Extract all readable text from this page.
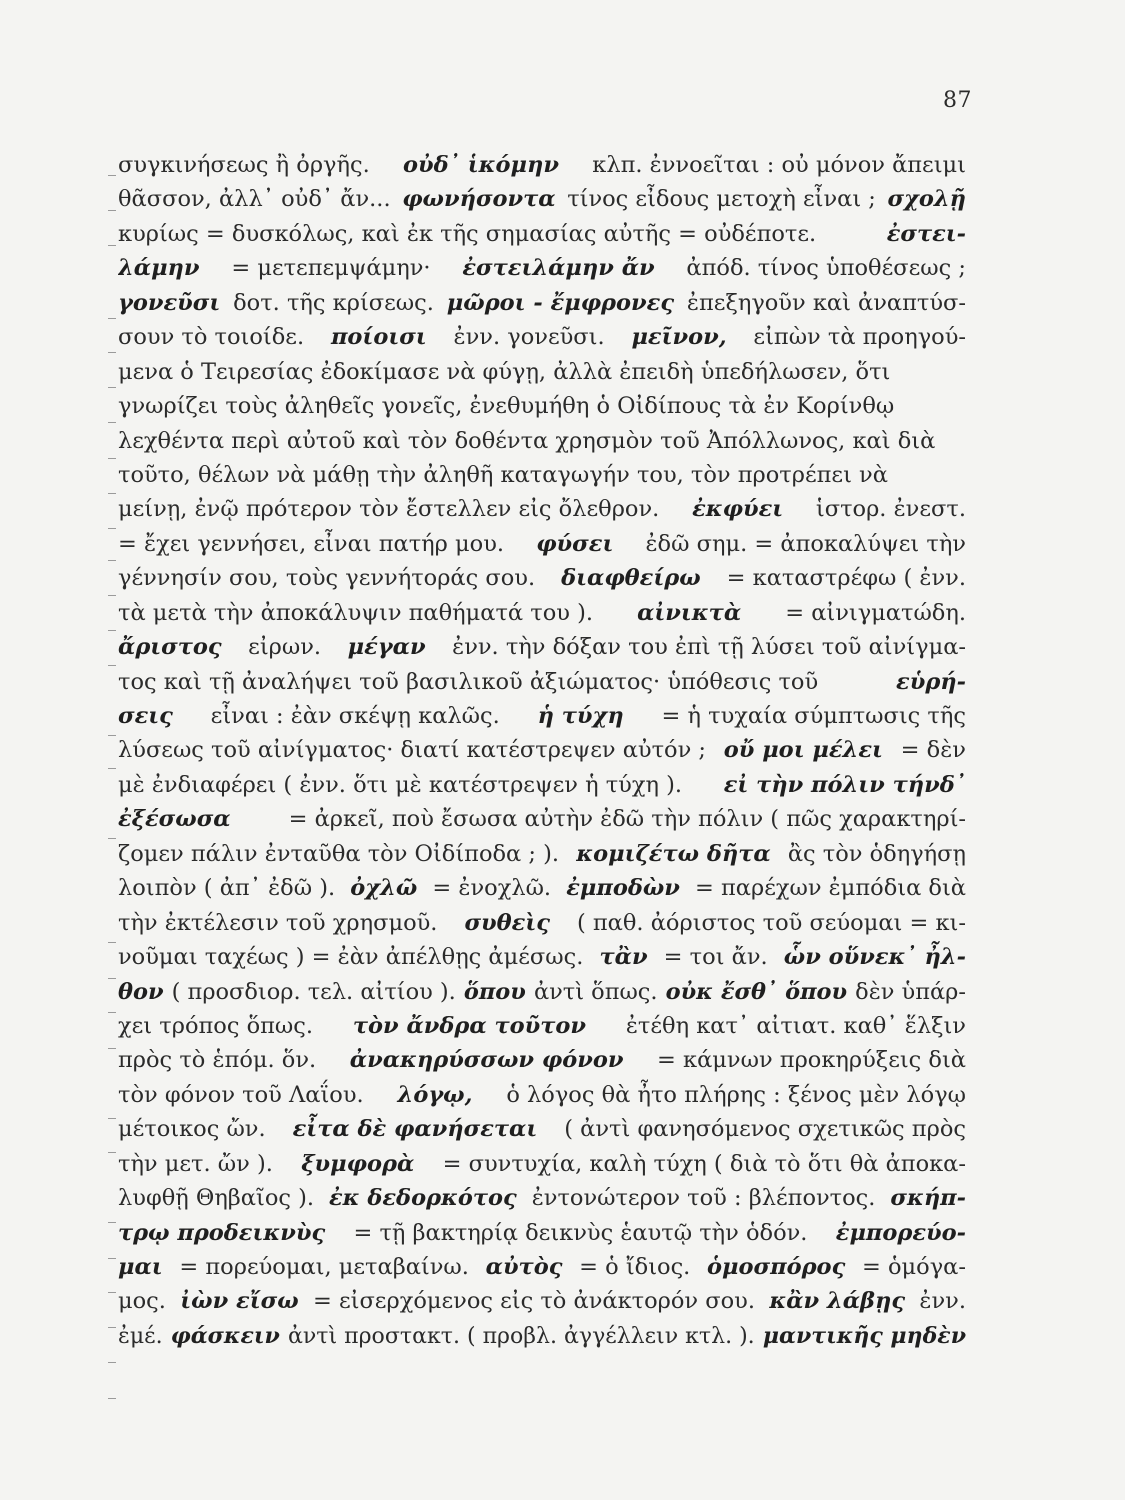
87
συγκινήσεως ἢ ὀργῆς. οὐδ᾽ ἱκόμην κλπ. ἐννοεῖται : οὐ μόνον ἄπειμι
θᾶσσον, ἀλλ᾽ οὐδ᾽ ἄν... φωνήσοντα τίνος εἶδους μετοχὴ εἶναι ; σχολῇ
κυρίως = δυσκόλως, καὶ ἐκ τῆς σημασίας αὐτῆς = οὐδέποτε.	ἐστει-
λάμην = μετεπεμψάμην· ἐστειλάμην ἄν ἀπόδ. τίνος ὑποθέσεως ;
γονεῦσι δοτ. τῆς κρίσεως. μῶροι - ἔμφρονες ἐπεξηγοῦν καὶ ἀναπτύσ-
σουν τὸ τοιοίδε. ποίοισι ἐνν. γονεῦσι. μεῖνον, εἰπὼν τὰ προηγού-
μενα ὁ Τειρεσίας ἐδοκίμασε νὰ φύγῃ, ἀλλὰ ἐπειδὴ ὑπεδήλωσεν, ὅτι
γνωρίζει τοὺς ἀληθεῖς γονεῖς, ἐνεθυμήθη ὁ Οἰδίπους τὰ ἐν Κορίνθῳ
λεχθέντα περὶ αὐτοῦ καὶ τὸν δοθέντα χρησμὸν τοῦ Ἀπόλλωνος, καὶ διὰ
τοῦτο, θέλων νὰ μάθῃ τὴν ἀληθῆ καταγωγήν του, τὸν προτρέπει νὰ
μείνῃ, ἐνῷ πρότερον τὸν ἔστελλεν εἰς ὄλεθρον. ἐκφύει ἱστορ. ἐνεστ.
= ἔχει γεννήσει, εἶναι πατήρ μου. φύσει ἐδῶ σημ. = ἀποκαλύψει τὴν
γέννησίν σου, τοὺς γεννήτοράς σου. διαφθείρω = καταστρέφω ( ἐνν.
τὰ μετὰ τὴν ἀποκάλυψιν παθήματά του ). αἰνικτὰ = αἰνιγματώδη.
ἄριστος εἰρων. μέγαν ἐνν. τὴν δόξαν του ἐπὶ τῇ λύσει τοῦ αἰνίγμα-
τος καὶ τῇ ἀναλήψει τοῦ βασιλικοῦ ἀξιώματος· ὑπόθεσις τοῦ	εὑρή-
σεις εἶναι : ἐὰν σκέψῃ καλῶς. ἡ τύχη = ἡ τυχαία σύμπτωσις τῆς
λύσεως τοῦ αἰνίγματος· διατί κατέστρεψεν αὐτόν ; οὔ μοι μέλει = δὲν
μὲ ἐνδιαφέρει ( ἐνν. ὅτι μὲ κατέστρεψεν ἡ τύχη ). εἰ τὴν πόλιν τήνδ᾽
ἐξέσωσα	= ἀρκεῖ, ποὺ ἔσωσα αὐτὴν ἐδῶ τὴν πόλιν ( πῶς χαρακτηρί-
ζομεν πάλιν ἐνταῦθα τὸν Οἰδίποδα ; ). κομιζέτω δῆτα ἂς τὸν ὁδηγήσῃ
λοιπὸν ( ἀπ᾽ ἐδῶ ). ὀχλῶ = ἐνοχλῶ. ἐμποδὼν = παρέχων ἐμπόδια διὰ
τὴν ἐκτέλεσιν τοῦ χρησμοῦ. συθεὶς ( παθ. ἀόριστος τοῦ σεύομαι = κι-
νοῦμαι ταχέως ) = ἐὰν ἀπέλθῃς ἀμέσως. τἂν = τοι ἄν. ὧν οὕνεκ᾽ ἦλ-
θον ( προσδιορ. τελ. αἰτίου ). ὅπου ἀντὶ ὅπως. οὐκ ἔσθ᾽ ὅπου δὲν ὑπάρ-
χει τρόπος ὅπως. τὸν ἄνδρα τοῦτον ἐτέθη κατ᾽ αἰτιατ. καθ᾽ ἕλξιν
πρὸς τὸ ἑπόμ. ὅν. ἀνακηρύσσων φόνον = κάμνων προκηρύξεις διὰ
τὸν φόνον τοῦ Λαΐου. λόγῳ, ὁ λόγος θὰ ἦτο πλήρης : ξένος μὲν λόγῳ
μέτοικος ὤν. εἶτα δὲ φανήσεται ( ἀντὶ φανησόμενος σχετικῶς πρὸς
τὴν μετ. ὤν ). ξυμφορὰ = συντυχία, καλὴ τύχη ( διὰ τὸ ὅτι θὰ ἀποκα-
λυφθῇ Θηβαῖος ). ἐκ δεδορκότος ἐντονώτερον τοῦ : βλέποντος. σκήπ-
τρῳ προδεικνὺς = τῇ βακτηρίᾳ δεικνὺς ἑαυτῷ τὴν ὁδόν. ἐμπορεύο-
μαι = πορεύομαι, μεταβαίνω. αὐτὸς = ὁ ἴδιος. ὁμοσπόρος = ὁμόγα-
μος. ἰὼν εἴσω = εἰσερχόμενος εἰς τὸ ἀνάκτορόν σου. κἂν λάβῃς ἐνν.
ἐμέ. φάσκειν ἀντὶ προστακτ. ( προβλ. ἀγγέλλειν κτλ. ). μαντικῆς μηδὲν
